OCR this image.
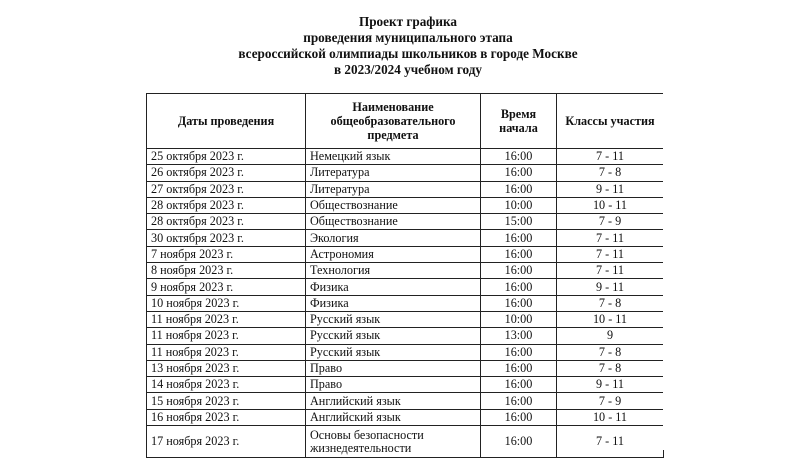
Проект графика
проведения муниципального этапа
всероссийской олимпиады школьников в городе Москве
в 2023/2024 учебном году
Даты проведения	Наименование общеобразовательного предмета	Время начала	Классы участия
25 октября 2023 г.	Немецкий язык	16:00	7 - 11
26 октября 2023 г.	Литература	16:00	7 - 8
27 октября 2023 г.	Литература	16:00	9 - 11
28 октября 2023 г.	Обществознание	10:00	10 - 11
28 октября 2023 г.	Обществознание	15:00	7 - 9
30 октября 2023 г.	Экология	16:00	7 - 11
7 ноября 2023 г.	Астрономия	16:00	7 - 11
8 ноября 2023 г.	Технология	16:00	7 - 11
9 ноября 2023 г.	Физика	16:00	9 - 11
10 ноября 2023 г.	Физика	16:00	7 - 8
11 ноября 2023 г.	Русский язык	10:00	10 - 11
11 ноября 2023 г.	Русский язык	13:00	9
11 ноября 2023 г.	Русский язык	16:00	7 - 8
13 ноября 2023 г.	Право	16:00	7 - 8
14 ноября 2023 г.	Право	16:00	9 - 11
15 ноября 2023 г.	Английский язык	16:00	7 - 9
16 ноября 2023 г.	Английский язык	16:00	10 - 11
17 ноября 2023 г.	Основы безопасности жизнедеятельности	16:00	7 - 11
